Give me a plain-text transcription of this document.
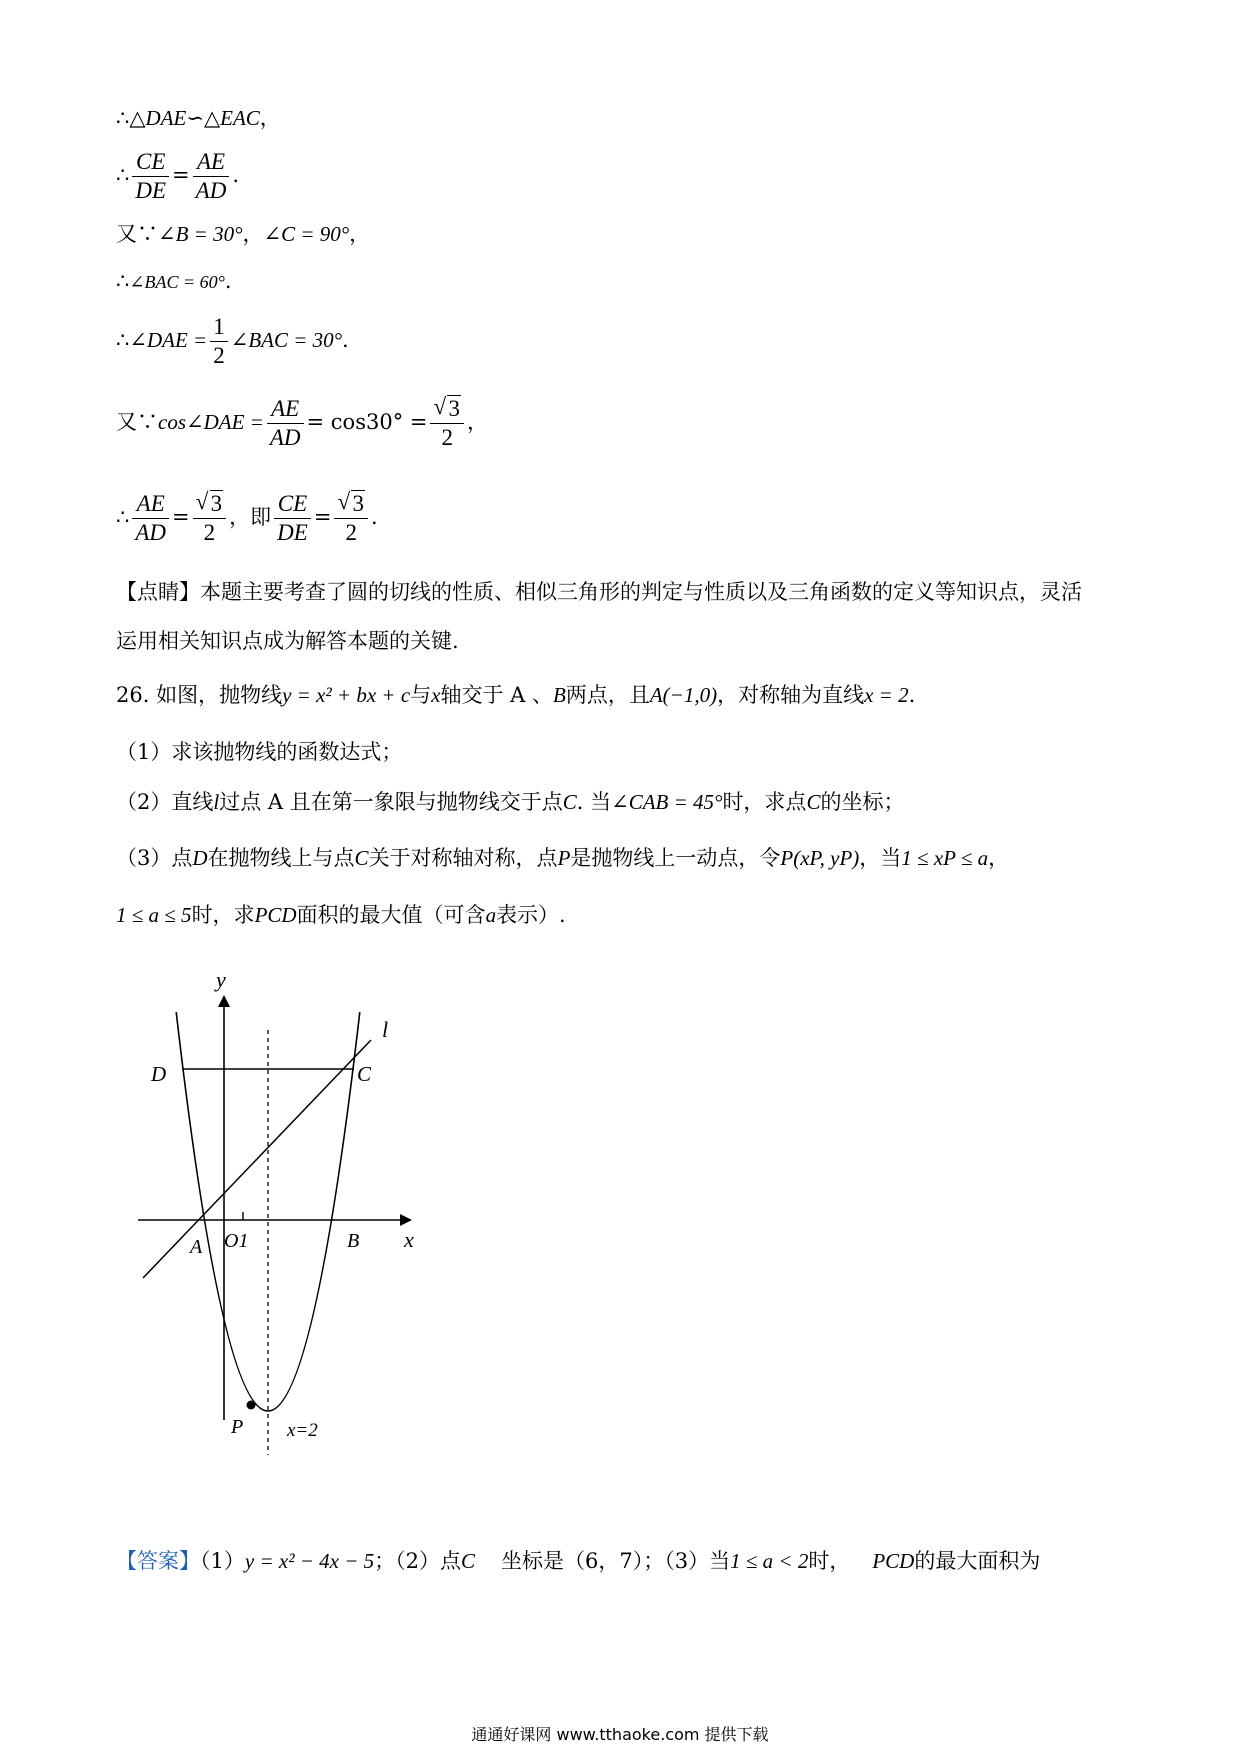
∴△DAE∽△EAC，
∴ $\frac{CE}{DE} = \frac{AE}{AD}$ .
又∵∠B = 30°，∠C = 90°，
∴∠BAC = 60°.
∴∠DAE = $\frac{1}{2}$ ∠BAC = 30°.
又∵cos∠DAE = $\frac{AE}{AD} = \cos 30^\circ$ = √ $\frac{3}{2}$ ，
∴ $\frac{AE}{AD}$ = √ $\frac{3}{2}$ ，即 $\frac{CE}{DE}$ = √ $\frac{3}{2}$ .
【点睛】本题主要考查了圆的切线的性质、相似三角形的判定与性质以及三角函数的定义等知识点，灵活
运用相关知识点成为解答本题的关键.
26. 如图，抛物线y = x² + bx + c与x轴交于 A 、B两点，且A(−1,0)，对称轴为直线x = 2.
（1）求该抛物线的函数达式；
（2）直线l过点 A 且在第一象限与抛物线交于点C. 当∠CAB = 45°时，求点C的坐标；
（3）点D在抛物线上与点C关于对称轴对称，点P是抛物线上一动点，令P(xP, yP)，当1 ≤ xP ≤ a，
1 ≤ a ≤ 5时，求PCD面积的最大值（可含a表示）.
y
x
l
D	C
A O1	B
P x=2
【答案】（1）y = x² − 4x − 5；（2）点C 坐标是（6，7）；（3）当1 ≤ a < 2时， PCD的最大面积为
通通好课网 www.tthaoke.com 提供下载
